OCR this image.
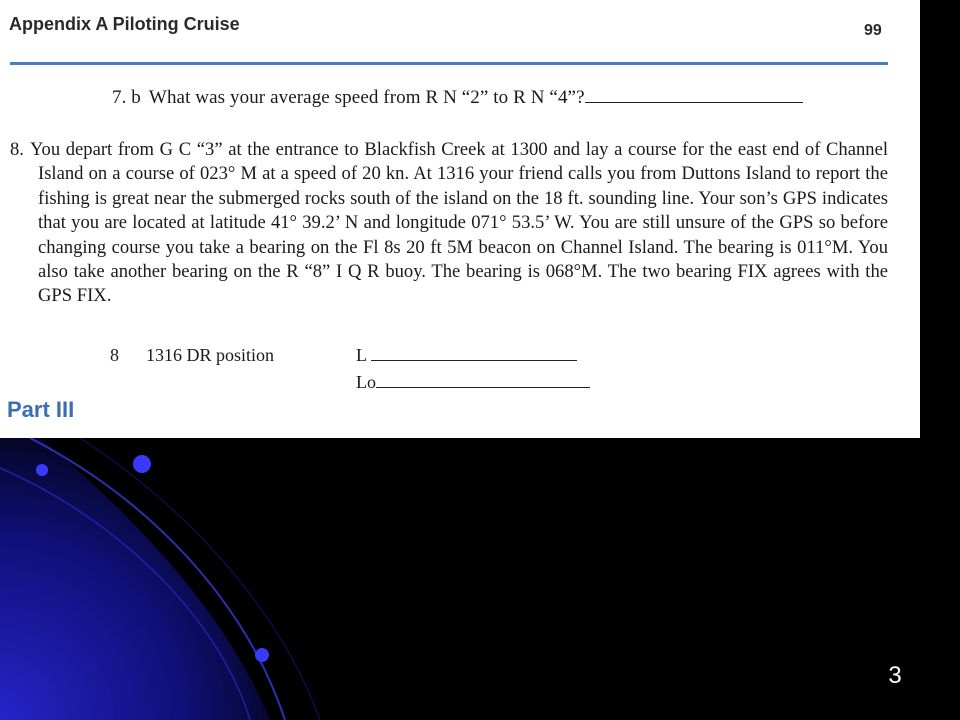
Appendix A Piloting Cruise	99
7. b What was your average speed from R N “2” to R N “4”?
8. You depart from G C “3” at the entrance to Blackfish Creek at 1300 and lay a course for the east end of Channel Island on a course of 023° M at a speed of 20 kn. At 1316 your friend calls you from Duttons Island to report the fishing is great near the submerged rocks south of the island on the 18 ft. sounding line. Your son’s GPS indicates that you are located at latitude 41° 39.2’ N and longitude 071° 53.5’ W. You are still unsure of the GPS so before changing course you take a bearing on the Fl 8s 20 ft 5M beacon on Channel Island. The bearing is 011°M. You also take another bearing on the R “8” I Q R buoy. The bearing is 068°M. The two bearing FIX agrees with the GPS FIX.
8 1316 DR position	L
Lo
Part III
3
